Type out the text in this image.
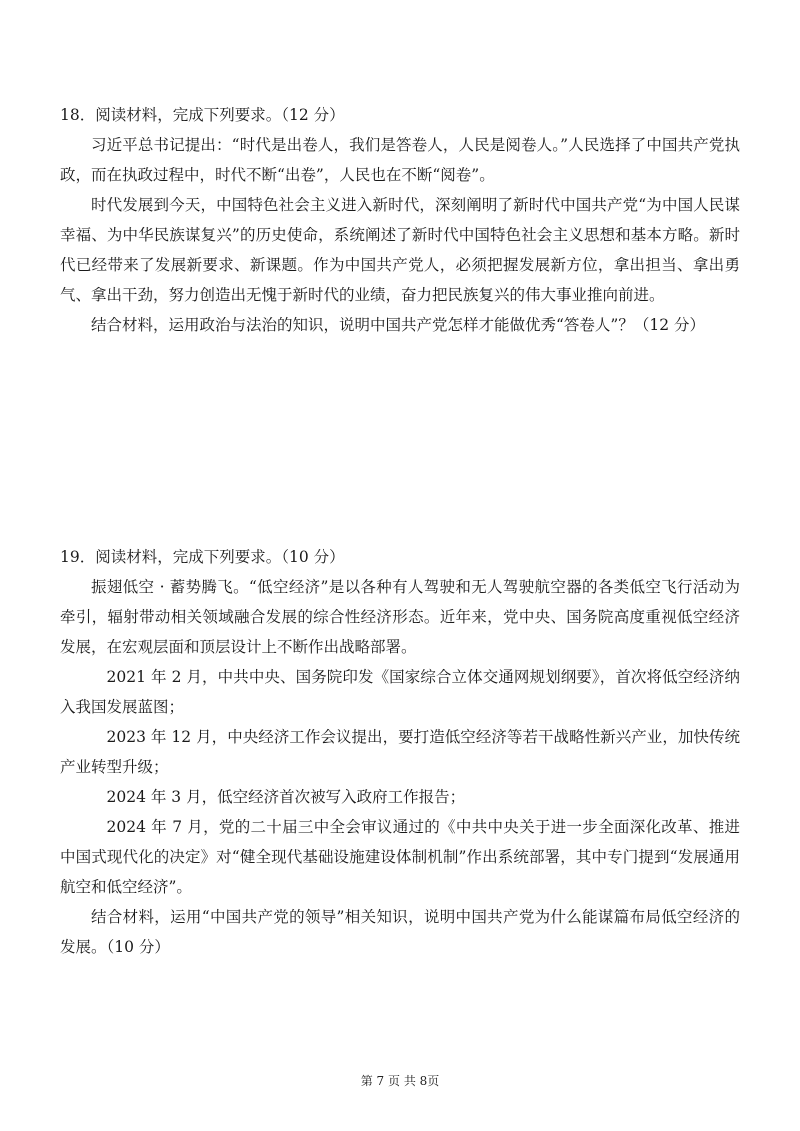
18．阅读材料，完成下列要求。（12 分）

习近平总书记提出：“时代是出卷人，我们是答卷人，人民是阅卷人。”人民选择了中国共产党执政，而在执政过程中，时代不断“出卷”，人民也在不断“阅卷”。

时代发展到今天，中国特色社会主义进入新时代，深刻阐明了新时代中国共产党“为中国人民谋幸福、为中华民族谋复兴”的历史使命，系统阐述了新时代中国特色社会主义思想和基本方略。新时代已经带来了发展新要求、新课题。作为中国共产党人，必须把握发展新方位，拿出担当、拿出勇气、拿出干劲，努力创造出无愧于新时代的业绩，奋力把民族复兴的伟大事业推向前进。

结合材料，运用政治与法治的知识，说明中国共产党怎样才能做优秀“答卷人”？（12 分）

19．阅读材料，完成下列要求。（10 分）

振翅低空 · 蓄势腾飞。“低空经济”是以各种有人驾驶和无人驾驶航空器的各类低空飞行活动为牵引，辐射带动相关领域融合发展的综合性经济形态。近年来，党中央、国务院高度重视低空经济发展，在宏观层面和顶层设计上不断作出战略部署。

2021 年 2 月，中共中央、国务院印发《国家综合立体交通网规划纲要》，首次将低空经济纳入我国发展蓝图；

2023 年 12 月，中央经济工作会议提出，要打造低空经济等若干战略性新兴产业，加快传统产业转型升级；

2024 年 3 月，低空经济首次被写入政府工作报告；

2024 年 7 月，党的二十届三中全会审议通过的《中共中央关于进一步全面深化改革、推进中国式现代化的决定》对“健全现代基础设施建设体制机制”作出系统部署，其中专门提到“发展通用航空和低空经济”。

结合材料，运用“中国共产党的领导”相关知识，说明中国共产党为什么能谋篇布局低空经济的发展。（10 分）

第 7 页 共 8页
